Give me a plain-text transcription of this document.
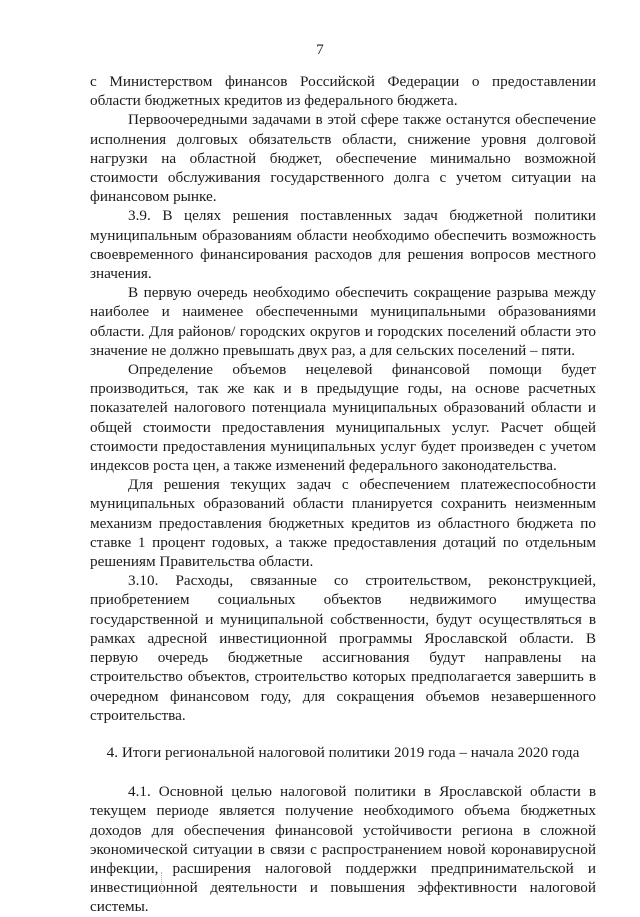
7

с Министерством финансов Российской Федерации о предоставлении области бюджетных кредитов из федерального бюджета.

Первоочередными задачами в этой сфере также останутся обеспечение исполнения долговых обязательств области, снижение уровня долговой нагрузки на областной бюджет, обеспечение минимально возможной стоимости обслуживания государственного долга с учетом ситуации на финансовом рынке.

3.9. В целях решения поставленных задач бюджетной политики муниципальным образованиям области необходимо обеспечить возможность своевременного финансирования расходов для решения вопросов местного значения.

В первую очередь необходимо обеспечить сокращение разрыва между наиболее и наименее обеспеченными муниципальными образованиями области. Для районов/ городских округов и городских поселений области это значение не должно превышать двух раз, а для сельских поселений – пяти.

Определение объемов нецелевой финансовой помощи будет производиться, так же как и в предыдущие годы, на основе расчетных показателей налогового потенциала муниципальных образований области и общей стоимости предоставления муниципальных услуг. Расчет общей стоимости предоставления муниципальных услуг будет произведен с учетом индексов роста цен, а также изменений федерального законодательства.

Для решения текущих задач с обеспечением платежеспособности муниципальных образований области планируется сохранить неизменным механизм предоставления бюджетных кредитов из областного бюджета по ставке 1 процент годовых, а также предоставления дотаций по отдельным решениям Правительства области.

3.10. Расходы, связанные со строительством, реконструкцией, приобретением социальных объектов недвижимого имущества государственной и муниципальной собственности, будут осуществляться в рамках адресной инвестиционной программы Ярославской области. В первую очередь бюджетные ассигнования будут направлены на строительство объектов, строительство которых предполагается завершить в очередном финансовом году, для сокращения объемов незавершенного строительства.

4. Итоги региональной налоговой политики 2019 года – начала 2020 года

4.1. Основной целью налоговой политики в Ярославской области в текущем периоде является получение необходимого объема бюджетных доходов для обеспечения финансовой устойчивости региона в сложной экономической ситуации в связи с распространением новой коронавирусной инфекции, расширения налоговой поддержки предпринимательской и инвестиционной деятельности и повышения эффективности налоговой системы.
